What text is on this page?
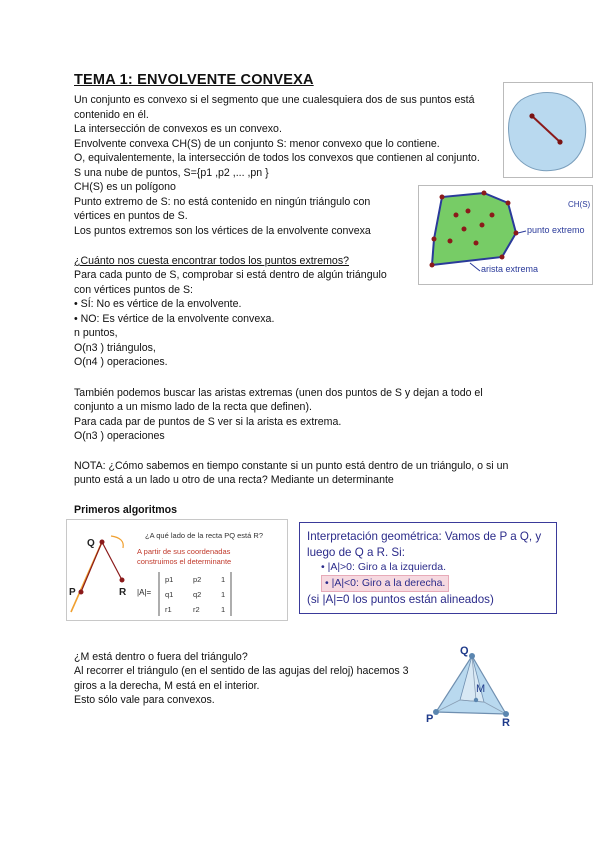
TEMA 1: ENVOLVENTE CONVEXA
Un conjunto es convexo si el segmento que une cualesquiera dos de sus puntos está
contenido en él.
La intersección de convexos es un convexo.
Envolvente convexa CH(S) de un conjunto S: menor convexo que lo contiene.
O, equivalentemente, la intersección de todos los convexos que contienen al conjunto.
S una nube de puntos, S={p1 ,p2 ,... ,pn }
CH(S) es un polígono
Punto extremo de S: no está contenido en ningún triángulo con
vértices en puntos de S.
Los puntos extremos son los vértices de la envolvente convexa
¿Cuánto nos cuesta encontrar todos los puntos extremos?
Para cada punto de S, comprobar si está dentro de algún triángulo
con vértices puntos de S:
• SÍ: No es vértice de la envolvente.
• NO: Es vértice de la envolvente convexa.
n puntos,
O(n3 ) triángulos,
O(n4 ) operaciones.
También podemos buscar las aristas extremas (unen dos puntos de S y dejan a todo el
conjunto a un mismo lado de la recta que definen).
Para cada par de puntos de S ver si la arista es extrema.
O(n3 ) operaciones
NOTA: ¿Cómo sabemos en tiempo constante si un punto está dentro de un triángulo, o si un
punto está a un lado u otro de una recta? Mediante un determinante
Primeros algoritmos
¿M está dentro o fuera del triángulo?
Al recorrer el triángulo (en el sentido de las agujas del reloj) hacemos 3
giros a la derecha, M está en el interior.
Esto sólo vale para convexos.
CH(S)
punto extremo
arista extrema
Q
P	R
¿A qué lado de la recta PQ está R?
A partir de sus coordenadas
construimos el determinante
|A|=
p1	p2	1
q1	q2	1
r1	r2	1
Interpretación geométrica: Vamos de P a Q, y
luego de Q a R. Si:
• |A|>0: Giro a la izquierda.
• |A|<0: Giro a la derecha.
(si |A|=0 los puntos están alineados)
Q
M
P	R
